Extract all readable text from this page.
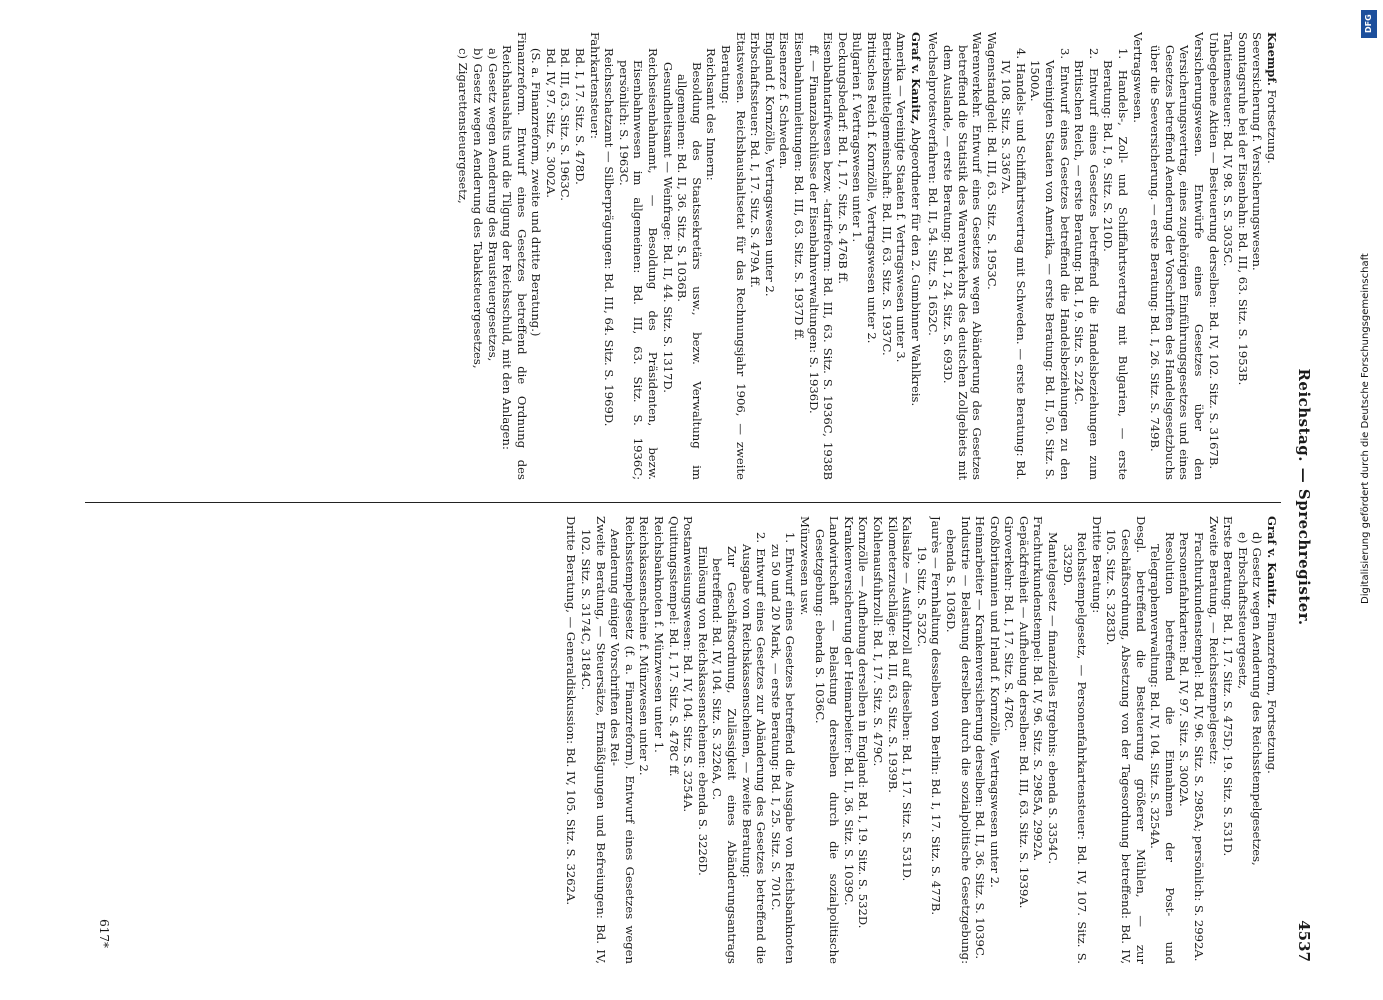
Reichstag. — Sprechregister.
4537

Kaempf. Fortsetzung.

Seeversicherung f. Versicherungswesen.

Sonntagsruhe bei der Eisenbahn: Bd. III, 63. Sitz. S. 1953B.

Tantiemesteuer: Bd. IV, 98. S. S. 3035C.

Unbegebene Aktien — Besteuerung derselben: Bd. IV, 102. Sitz. S. 3167B.

Versicherungswesen. Entwürfe eines Gesetzes über den Versicherungsvertrag, eines zugehörigen Einführungsgesetzes und eines Gesetzes betreffend Aenderung der Vorschriften des Handelsgesetzbuchs über die Seeversicherung. — erste Beratung: Bd. I, 26. Sitz. S. 749B.

Vertragswesen.

1. Handels-, Zoll- und Schiffahrtsvertrag mit Bulgarien, — erste Beratung: Bd. I, 9. Sitz. S. 210D.

2. Entwurf eines Gesetzes betreffend die Handelsbeziehungen zum Britischen Reich, — erste Beratung: Bd. I, 9. Sitz. S. 224C.

3. Entwurf eines Gesetzes betreffend die Handelsbeziehungen zu den Vereinigten Staaten von Amerika, — erste Beratung: Bd. II, 50. Sitz. S. 1500A.

4. Handels- und Schiffahrtsvertrag mit Schweden. — erste Beratung: Bd. IV, 108. Sitz. S. 3367A.

Wagenstandgeld: Bd. III, 63. Sitz. S. 1953C.

Warenverkehr. Entwurf eines Gesetzes wegen Abänderung des Gesetzes betreffend die Statistik des Warenverkehrs des deutschen Zollgebiets mit dem Auslande, — erste Beratung: Bd. I, 24. Sitz. S. 693D.

Wechselprotestverfahren: Bd. II, 54. Sitz. S. 1652C.

Graf v. Kanitz, Abgeordneter für den 2. Gumbinner Wahlkreis.

Amerika — Vereinigte Staaten f. Vertragswesen unter 3.

Betriebsmittelgemeinschaft: Bd. III, 63. Sitz. S. 1937C.

Britisches Reich f. Kornzölle, Vertragswesen unter 2.

Bulgarien f. Vertragswesen unter 1.

Deckungsbedarf: Bd. I, 17. Sitz. S. 476B ff.

Eisenbahntarifwesen bezw. -tarifreform: Bd. III, 63. Sitz. S. 1936C, 1938B ff. — Finanzabschlüsse der Eisenbahnverwaltungen: S. 1936D.

Eisenbahnumleitungen: Bd. III, 63. Sitz. S. 1937D ff.

Eisenerze f. Schweden.

England f. Kornzölle, Vertragswesen unter 2.

Erbschaftssteuer: Bd. I, 17. Sitz. S. 479A ff.

Etatswesen. Reichshaushaltsetat für das Rechnungsjahr 1906, — zweite Beratung:

Reichsamt des Innern:

Besoldung des Staatssekretärs usw., bezw. Verwaltung im allgemeinen: Bd. II, 36. Sitz. S. 1036B.

Gesundheitsamt — Weinfrage: Bd. II, 44. Sitz. S. 1317D.

Reichseisenbahnamt, — Besoldung des Präsidenten, bezw. Eisenbahnwesen im allgemeinen: Bd. III, 63. Sitz. S. 1936C; persönlich: S. 1963C.

Reichsschatzamt — Silberprägungen: Bd. III, 64. Sitz. S. 1969D.

Fahrkartensteuer:

Bd. I, 17. Sitz. S. 478D.

Bd. III, 63. Sitz. S. 1963C.

Bd. IV, 97. Sitz. S. 3002A.

(S. a. Finanzreform, zweite und dritte Beratung.)

Finanzreform. Entwurf eines Gesetzes betreffend die Ordnung des Reichshaushalts und die Tilgung der Reichsschuld, mit den Anlagen:

a) Gesetz wegen Aenderung des Brausteuergesetzes,

b) Gesetz wegen Aenderung des Tabaksteuergesetzes,

c) Zigarettensteuergesetz,

Graf v. Kanitz. Finanzreform, Fortsetzung.

d) Gesetz wegen Aenderung des Reichsstempelgesetzes,

e) Erbschaftssteuergesetz,

Erste Beratung: Bd. I, 17. Sitz. S. 475D; 19. Sitz. S. 531D.

Zweite Beratung, — Reichsstempelgesetz:

Frachturkundenstempel: Bd. IV, 96. Sitz. S. 2985A; persönlich: S. 2992A.

Personenfahrkarten: Bd. IV, 97. Sitz. S. 3002A.

Resolution betreffend die Einnahmen der Post- und Telegraphenverwaltung: Bd. IV, 104. Sitz. S. 3254A.

Desgl. betreffend die Besteuerung größerer Mühlen, — zur Geschäftsordnung, Absetzung von der Tagesordnung betreffend: Bd. IV, 105. Sitz. S. 3283D.

Dritte Beratung:

Reichsstempelgesetz, — Personenfahrkartensteuer: Bd. IV, 107. Sitz. S. 3329D.

Mantelgesetz — finanzielles Ergebnis: ebenda S. 3354C.

Frachturkundenstempel: Bd. IV, 96. Sitz. S. 2985A, 2992A.

Gepäckfreiheit — Aufhebung derselben: Bd. III, 63. Sitz. S. 1939A.

Giroverkehr: Bd. I, 17. Sitz. S. 478C.

Großbritannien und Irland f. Kornzölle, Vertragswesen unter 2.

Heimarbeiter — Krankenversicherung derselben: Bd. II, 36. Sitz. S. 1039C.

Industrie — Belastung derselben durch die sozialpolitische Gesetzgebung: ebenda S. 1036D.

Jaurès — Fernhaltung desselben von Berlin: Bd. I, 17. Sitz. S. 477B.

19. Sitz. S. 532C.

Kalisalze — Ausfuhrzoll auf dieselben: Bd. I, 17. Sitz. S. 531D.

Kilometerzuschläge: Bd. III, 63. Sitz. S. 1939B.

Kohlenausfuhrzoll: Bd. I, 17. Sitz. S. 479C.

Kornzölle — Aufhebung derselben in England: Bd. I, 19. Sitz. S. 532D.

Krankenversicherung der Heimarbeiter: Bd. II, 36. Sitz. S. 1039C.

Landwirtschaft — Belastung derselben durch die sozialpolitische Gesetzgebung: ebenda S. 1036C.

Münzwesen usw.

1. Entwurf eines Gesetzes betreffend die Ausgabe von Reichsbanknoten zu 50 und 20 Mark, — erste Beratung: Bd. I, 25. Sitz. S. 701C.

2. Entwurf eines Gesetzes zur Abänderung des Gesetzes betreffend die Ausgabe von Reichskassenscheinen, — zweite Beratung:

Zur Geschäftsordnung, Zulässigkeit eines Abänderungsantrags betreffend: Bd. IV, 104. Sitz. S. 3226A, C.

Einlösung von Reichskassenscheinen: ebenda S. 3226D.

Postanweisungswesen: Bd. IV, 104. Sitz. S. 3254A.

Quittungsstempel: Bd. I, 17. Sitz. S. 478C ff.

Reichsbanknoten f. Münzwesen unter 1.

Reichskassenscheine f. Münzwesen unter 2.

Reichsstempelgesetz (f. a. Finanzreform). Entwurf eines Gesetzes wegen Aenderung einiger Vorschriften des Rei-

Zweite Beratung, — Steuersätze, Ermäßigungen und Befreiungen: Bd. IV, 102. Sitz. S. 3174C, 3184C.

Dritte Beratung, — Generaldiskussion: Bd. IV, 105. Sitz. S. 3262A.

617*
DFG
Digitalisierung gefördert durch die Deutsche Forschungsgemeinschaft
